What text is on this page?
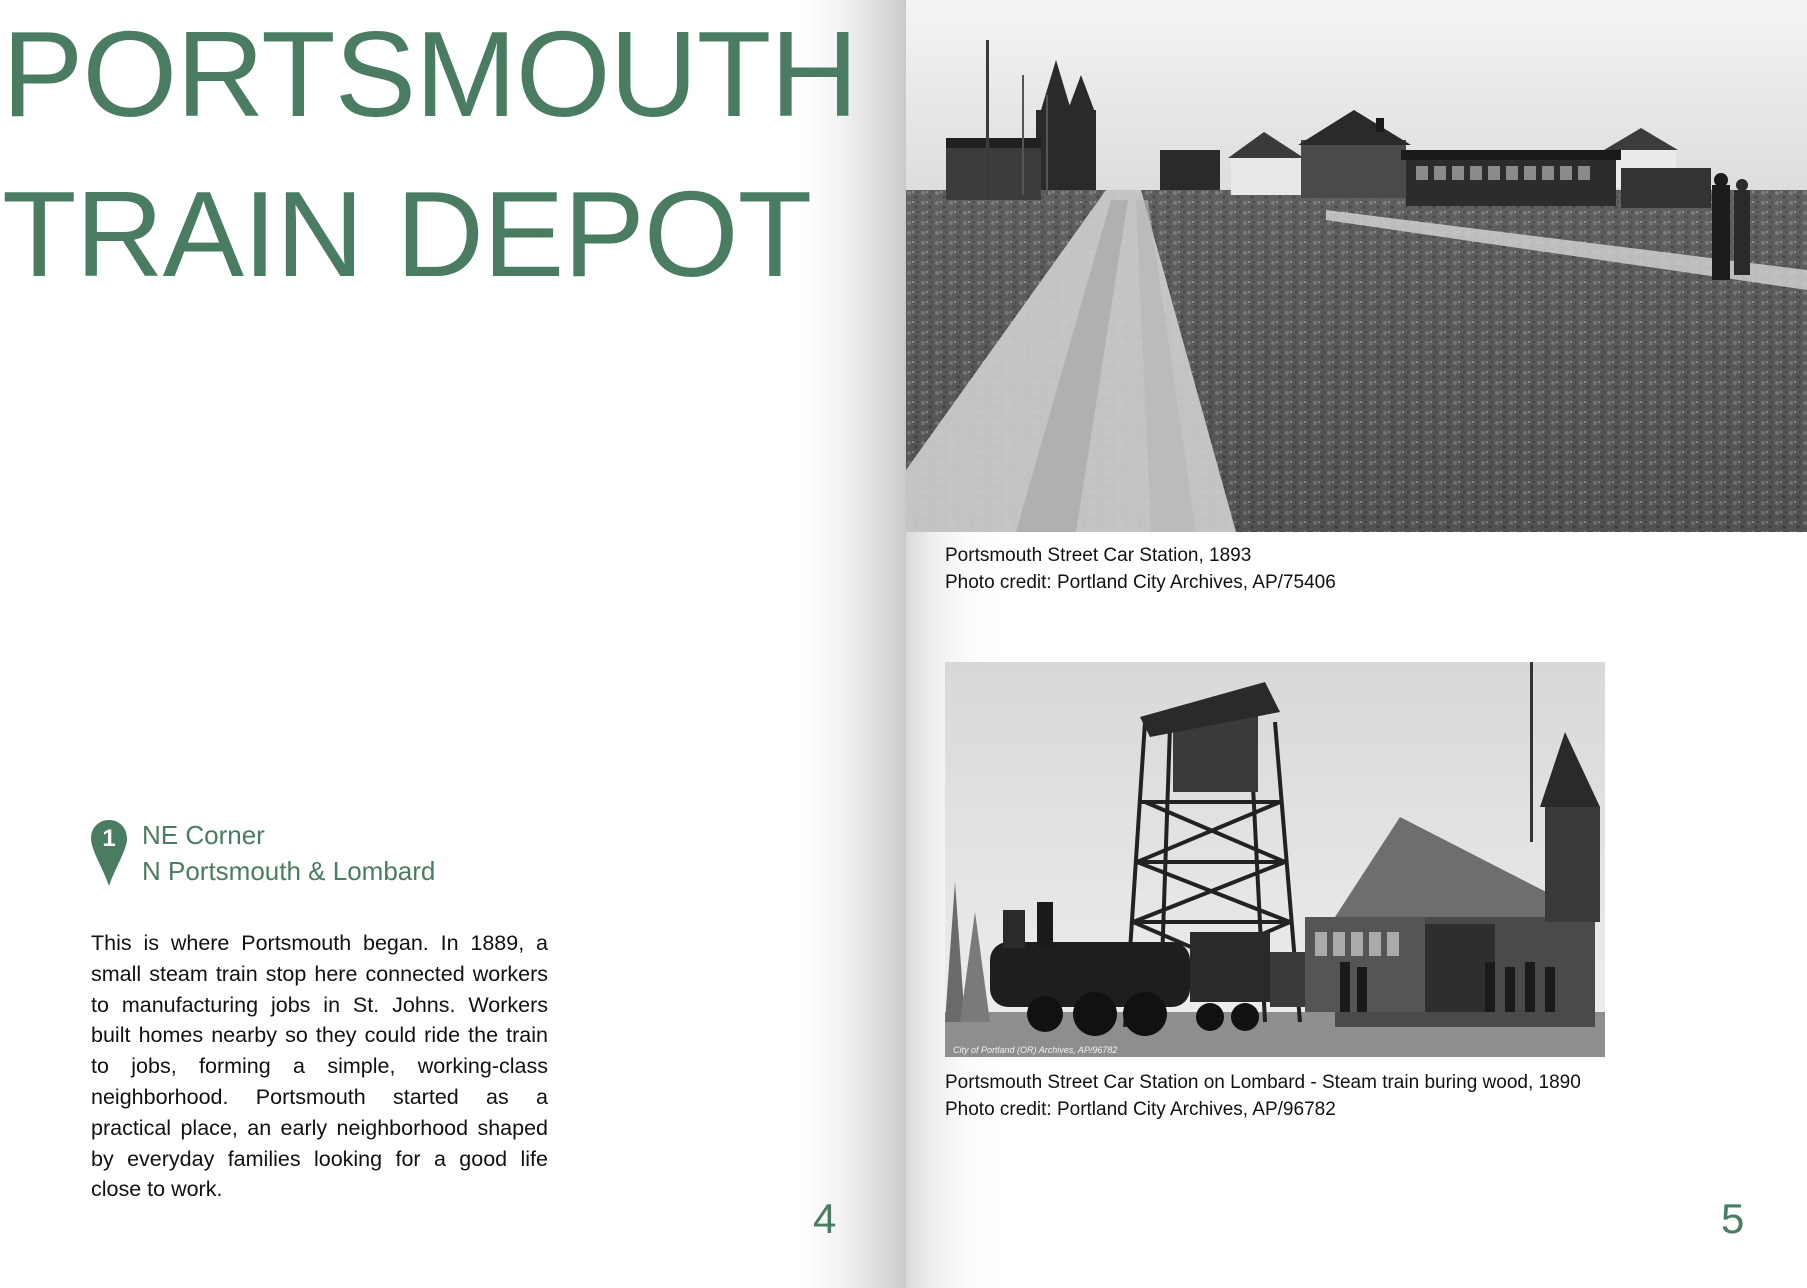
PORTSMOUTH
TRAIN DEPOT
1 NE Corner
N Portsmouth & Lombard

This is where Portsmouth began. In 1889, a small steam train stop here connected workers to manufacturing jobs in St. Johns. Workers built homes nearby so they could ride the train to jobs, forming a simple, working-class neighborhood. Portsmouth started as a practical place, an early neighborhood shaped by everyday families looking for a good life close to work.

4
Portsmouth Street Car Station, 1893
Photo credit: Portland City Archives, AP/75406
City of Portland (OR) Archives, AP/96782
Portsmouth Street Car Station on Lombard - Steam train buring wood, 1890
Photo credit: Portland City Archives, AP/96782
5
